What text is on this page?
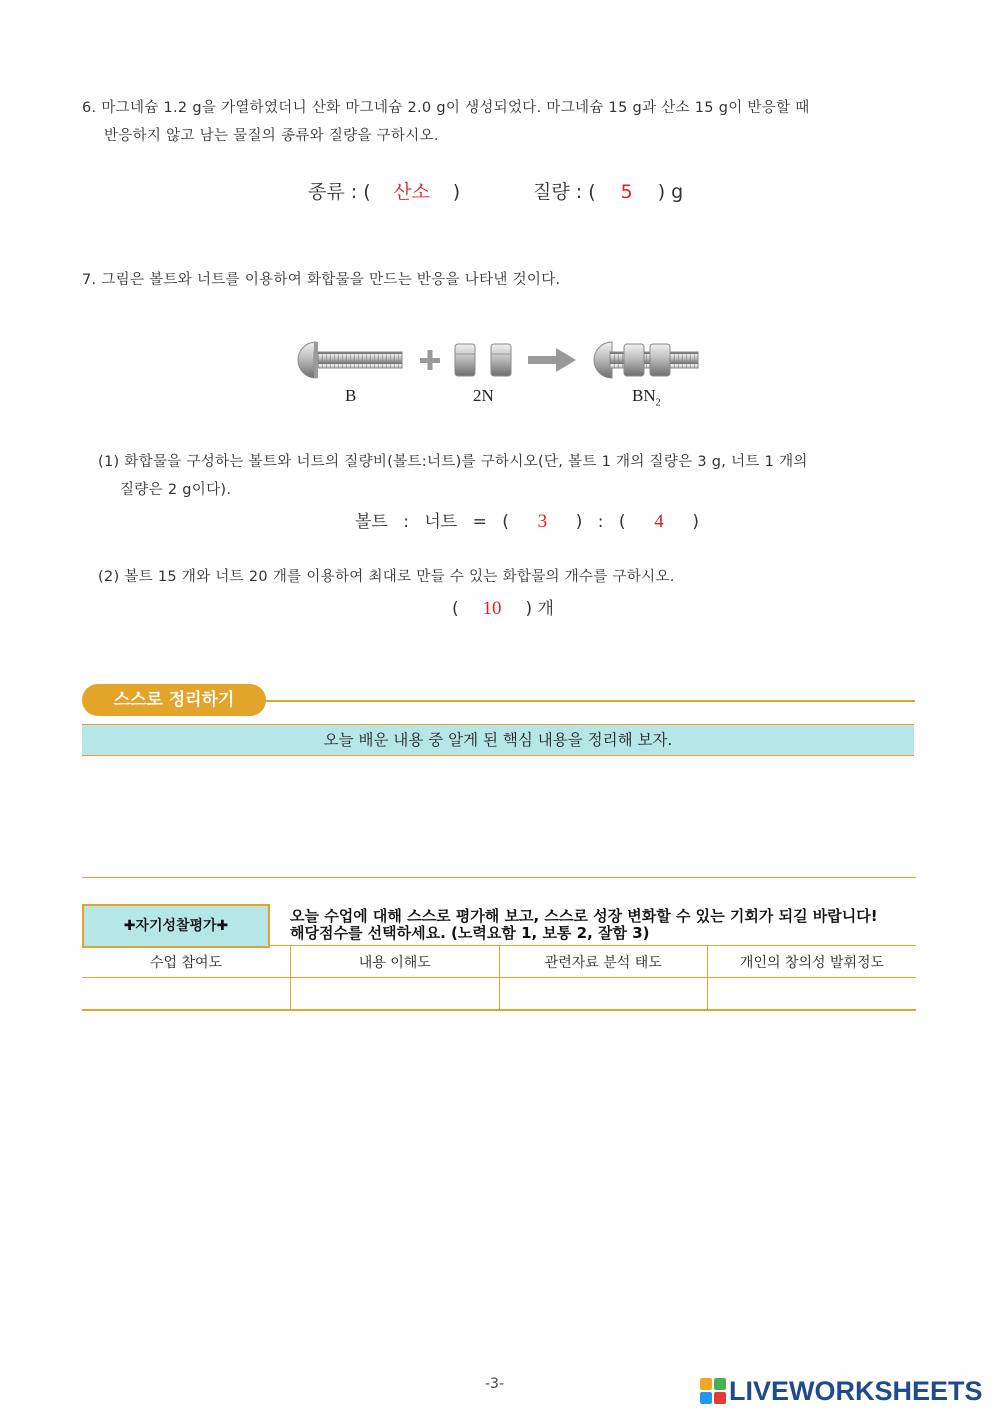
6. 마그네슘 1.2 g을 가열하였더니 산화 마그네슘 2.0 g이 생성되었다. 마그네슘 15 g과 산소 15 g이 반응할 때
반응하지 않고 남는 물질의 종류와 질량을 구하시오.
종류 : ( 산소 )	질량 : ( 5 ) g
7. 그림은 볼트와 너트를 이용하여 화합물을 만드는 반응을 나타낸 것이다.
B	2N	$BN_2$
(1) 화합물을 구성하는 볼트와 너트의 질량비(볼트:너트)를 구하시오(단, 볼트 1 개의 질량은 3 g, 너트 1 개의
질량은 2 g이다).
볼트 : 너트 = ( 3 ) : ( 4 )
(2) 볼트 15 개와 너트 20 개를 이용하여 최대로 만들 수 있는 화합물의 개수를 구하시오.
( 10 ) 개
스스로 정리하기
오늘 배운 내용 중 알게 된 핵심 내용을 정리해 보자.
✚자기성찰평가✚
오늘 수업에 대해 스스로 평가해 보고, 스스로 성장 변화할 수 있는 기회가 되길 바랍니다!
해당점수를 선택하세요. (노력요함 1, 보통 2, 잘함 3)
수업 참여도	내용 이해도	관련자료 분석 태도	개인의 창의성 발휘정도

-3-	LIVEWORKSHEETS
